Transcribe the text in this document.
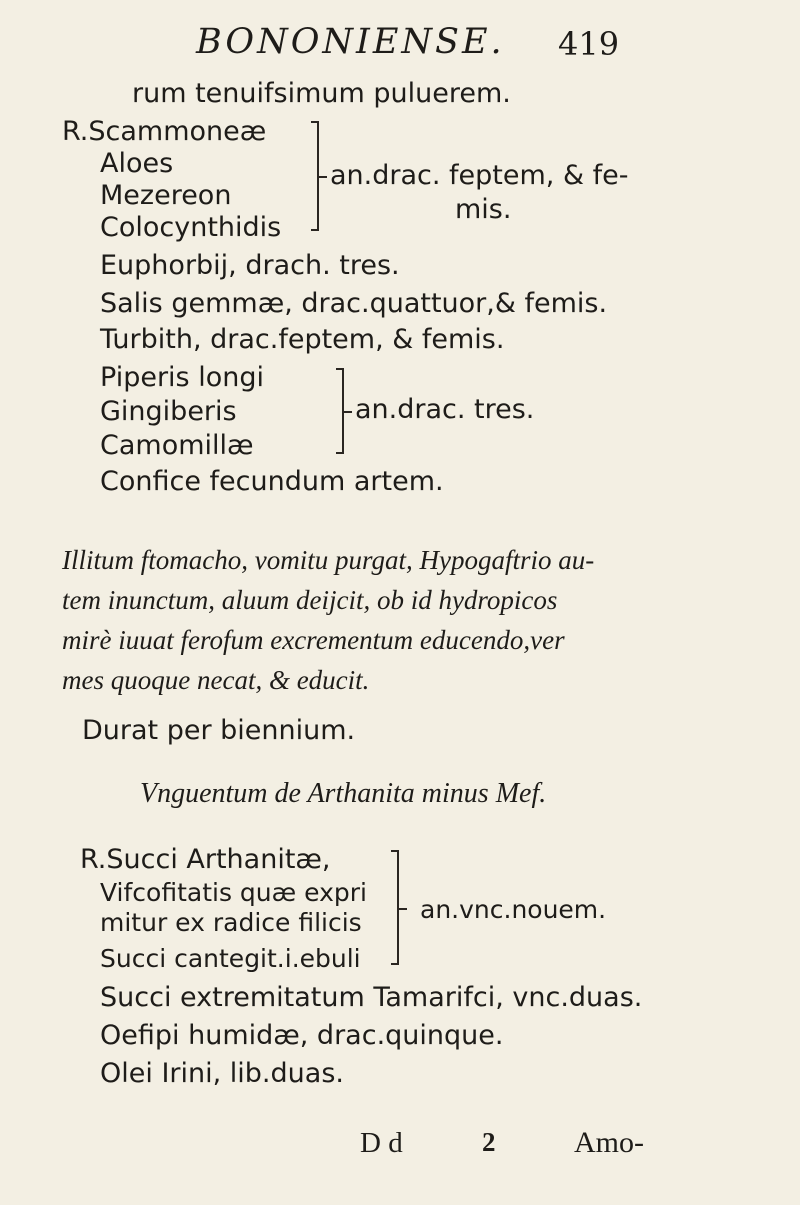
BONONIENSE. 419
rum tenuifsimum puluerem.
R.Scammoneæ
Aloes
Mezereon
Colocynthidis
an.drac. feptem, & fe-
mis.
Euphorbij, drach. tres.
Salis gemmæ, drac.quattuor,& femis.
Turbith, drac.feptem, & femis.
Piperis longi
Gingiberis
Camomillæ
an.drac. tres.
Confice fecundum artem.
Illitum ftomacho, vomitu purgat, Hypogaftrio au-
tem inunctum, aluum deijcit, ob id hydropicos
mirè iuuat ferofum excrementum educendo,ver
mes quoque necat, & educit.
Durat per biennium.
Vnguentum de Arthanita minus Mef.
R.Succi Arthanitæ,
Vifcofitatis quæ expri
mitur ex radice filicis
Succi cantegit.i.ebuli
an.vnc.nouem.
Succi extremitatum Tamarifci, vnc.duas.
Oefipi humidæ, drac.quinque.
Olei Irini, lib.duas.
D d	2	Amo-
